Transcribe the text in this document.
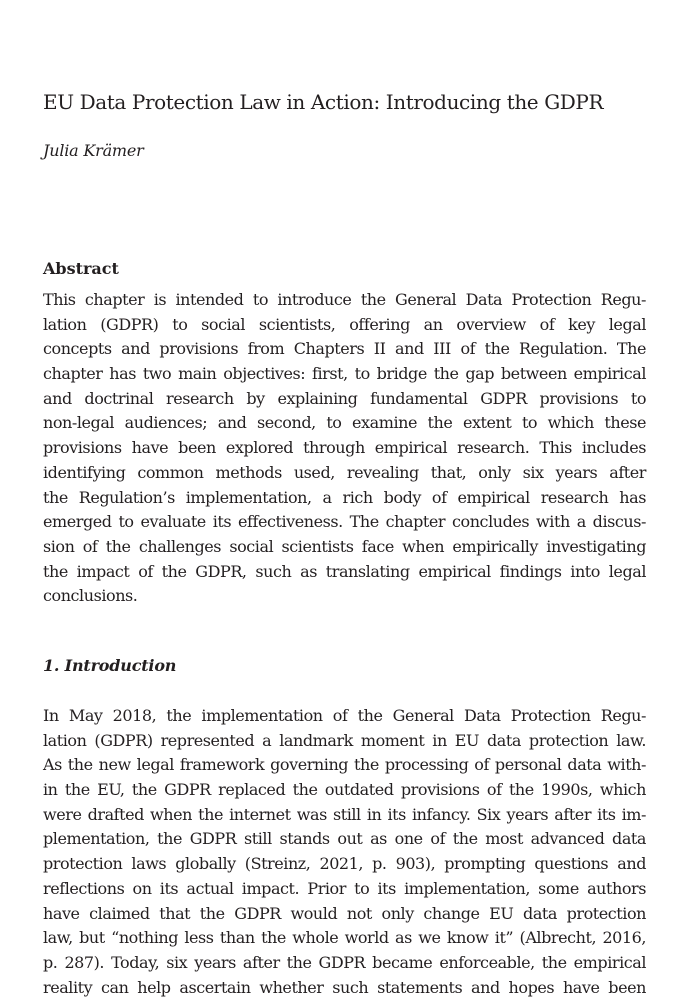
EU Data Protection Law in Action: Introducing the GDPR

Julia Krämer

Abstract
This chapter is intended to introduce the General Data Protection Regu-
lation (GDPR) to social scientists, offering an overview of key legal
concepts and provisions from Chapters II and III of the Regulation. The
chapter has two main objectives: first, to bridge the gap between empirical
and doctrinal research by explaining fundamental GDPR provisions to
non-legal audiences; and second, to examine the extent to which these
provisions have been explored through empirical research. This includes
identifying common methods used, revealing that, only six years after
the Regulation’s implementation, a rich body of empirical research has
emerged to evaluate its effectiveness. The chapter concludes with a discus-
sion of the challenges social scientists face when empirically investigating
the impact of the GDPR, such as translating empirical findings into legal
conclusions.
1. Introduction
In May 2018, the implementation of the General Data Protection Regu-
lation (GDPR) represented a landmark moment in EU data protection law.
As the new legal framework governing the processing of personal data with-
in the EU, the GDPR replaced the outdated provisions of the 1990s, which
were drafted when the internet was still in its infancy. Six years after its im-
plementation, the GDPR still stands out as one of the most advanced data
protection laws globally (Streinz, 2021, p. 903), prompting questions and
reflections on its actual impact. Prior to its implementation, some authors
have claimed that the GDPR would not only change EU data protection
law, but “nothing less than the whole world as we know it” (Albrecht, 2016,
p. 287). Today, six years after the GDPR became enforceable, the empirical
reality can help ascertain whether such statements and hopes have been
